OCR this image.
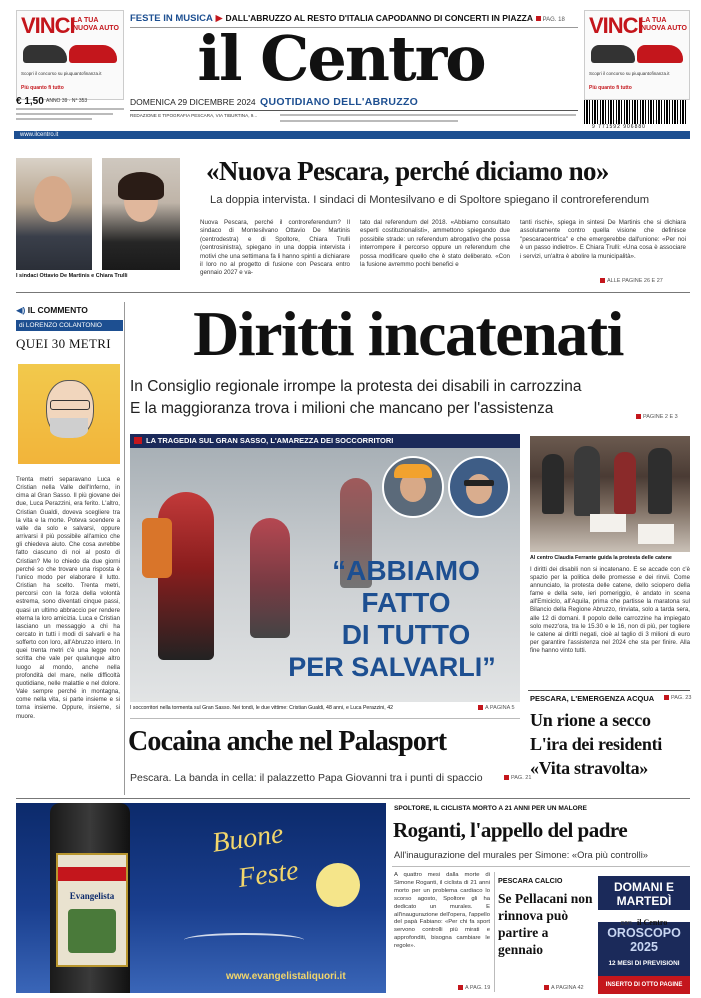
VINCI
LA TUA NUOVA AUTO
Scopri il concorso su piuquantofinanza.it
Più quanto fi tutto
VINCI
LA TUA NUOVA AUTO
Scopri il concorso su piuquantofinanza.it
Più quanto fi tutto
FESTE IN MUSICA ▶ DALL'ABRUZZO AL RESTO D'ITALIA CAPODANNO DI CONCERTI IN PIAZZA PAG. 18
il Centro
€ 1,50 ANNO 39 · N° 353	DOMENICA 29 DICEMBRE 2024 QUOTIDIANO DELL'ABRUZZO
REDAZIONE E TIPOGRAFIA PESCARA, VIA TIBURTINA, 9...
9 771592 906880
www.ilcentro.it
I sindaci Ottavio De Martinis e Chiara Trulli
«Nuova Pescara, perché diciamo no»
La doppia intervista. I sindaci di Montesilvano e di Spoltore spiegano il controreferendum
Nuova Pescara, perché il controreferendum? Il sindaco di Montesilvano Ottavio De Martinis (centrodestra) e di Spoltore, Chiara Trulli (centrosinistra), spiegano in una doppia intervista i motivi che una settimana fa li hanno spinti a dichiarare il loro no al progetto di fusione con Pescara entro gennaio 2027 e va-
tato dal referendum del 2018. «Abbiamo consultato esperti costituzionalisti», ammettono spiegando due possibile strade: un referendum abrogativo che possa interrompere il percorso oppure un referendum che possa modificare quello che è stato deliberato. «Con la fusione avremmo pochi benefici e
tanti rischi», spiega in sintesi De Martinis che si dichiara assolutamente contro quella visione che definisce "pescaracentrica" e che emergerebbe dall'unione: «Per noi è un passo indietro». E Chiara Trulli: «Una cosa è associare i servizi, un'altra è abolire la municipalità».
ALLE PAGINE 26 E 27
◀) IL COMMENTO
di LORENZO COLANTONIO
QUEI 30 METRI
Trenta metri separavano Luca e Cristian nella Valle dell'Inferno, in cima al Gran Sasso. Il più giovane dei due, Luca Perazzini, era ferito. L'altro, Cristian Gualdi, doveva scegliere tra la vita e la morte. Poteva scendere a valle da solo e salvarsi, oppure arrivarsi il più possibile all'amico che gli chiedeva aiuto. Che cosa avrebbe fatto ciascuno di noi al posto di Cristian? Me lo chiedo da due giorni perché so che trovare una risposta è l'unico modo per elaborare il lutto. Cristian ha scelto. Trenta metri, percorsi con la forza della volontà estrema, sono diventati cinque passi, quasi un ultimo abbraccio per rendere eterna la loro amicizia. Luca e Cristian lasciano un messaggio a chi ha cercato in tutti i modi di salvarli e ha sofferto con loro, all'Abruzzo intero. In quei trenta metri c'è una legge non scritta che vale per qualunque altro luogo al mondo, anche nella profondità del mare, nelle difficoltà quotidiane, nelle malattie e nel dolore. Vale sempre perché in montagna, come nella vita, si parte insieme e si torna insieme. Oppure, insieme, si muore.
Diritti incatenati
In Consiglio regionale irrompe la protesta dei disabili in carrozzina
E la maggioranza trova i milioni che mancano per l'assistenza	PAGINE 2 E 3
LA TRAGEDIA SUL GRAN SASSO, L'AMAREZZA DEI SOCCORRITORI
“ABBIAMO
FATTO
DI TUTTO
PER SALVARLI”
I soccorritori nella tormenta sul Gran Sasso. Nei tondi, le due vittime: Cristian Gualdi, 48 anni, e Luca Perazzini, 42	A PAGINA 5
Al centro Claudia Ferrante guida la protesta delle catene
I diritti dei disabili non si incatenano. E se accade con c'è spazio per la politica delle promesse e dei rinvii. Come annunciato, la protesta delle catene, dello sciopero della fame e della sete, ieri pomeriggio, è andato in scena all'Emiciclo, all'Aquila, prima che partisse la maratona sul Bilancio della Regione Abruzzo, rinviata, solo a tarda sera, alle 12 di domani. Il popolo delle carrozzine ha impiegato solo mezz'ora, tra le 15.30 e le 16, non di più, per togliere le catene ai diritti negati, cioè al taglio di 3 milioni di euro per garantire l'assistenza nel 2024 che sta per finire. Alla fine hanno vinto tutti.
PESCARA, L'EMERGENZA ACQUA	PAG. 23
Un rione a secco
L'ira dei residenti
«Vita stravolta»
Cocaina anche nel Palasport
Pescara. La banda in cella: il palazzetto Papa Giovanni tra i punti di spaccio	PAG. 21
Evangelista
Buone
Feste
www.evangelistaliquori.it
SPOLTORE, IL CICLISTA MORTO A 21 ANNI PER UN MALORE
Roganti, l'appello del padre
All'inaugurazione del murales per Simone: «Ora più controlli»
A quattro mesi dalla morte di Simone Roganti, il ciclista di 21 anni morto per un problema cardiaco lo scorso agosto, Spoltore gli ha dedicato un murales. E all'inaugurazione dell'opera, l'appello del papà Fabiano: «Per chi fa sport servono controlli più mirati e approfonditi, bisogna cambiare le regole».
A PAG. 19
PESCARA CALCIO
Se Pellacani non rinnova può partire a gennaio
A PAGINA 42
DOMANI E
MARTEDÌ
con il Centro
OROSCOPO
2025
12 MESI DI PREVISIONI
INSERTO DI OTTO PAGINE
